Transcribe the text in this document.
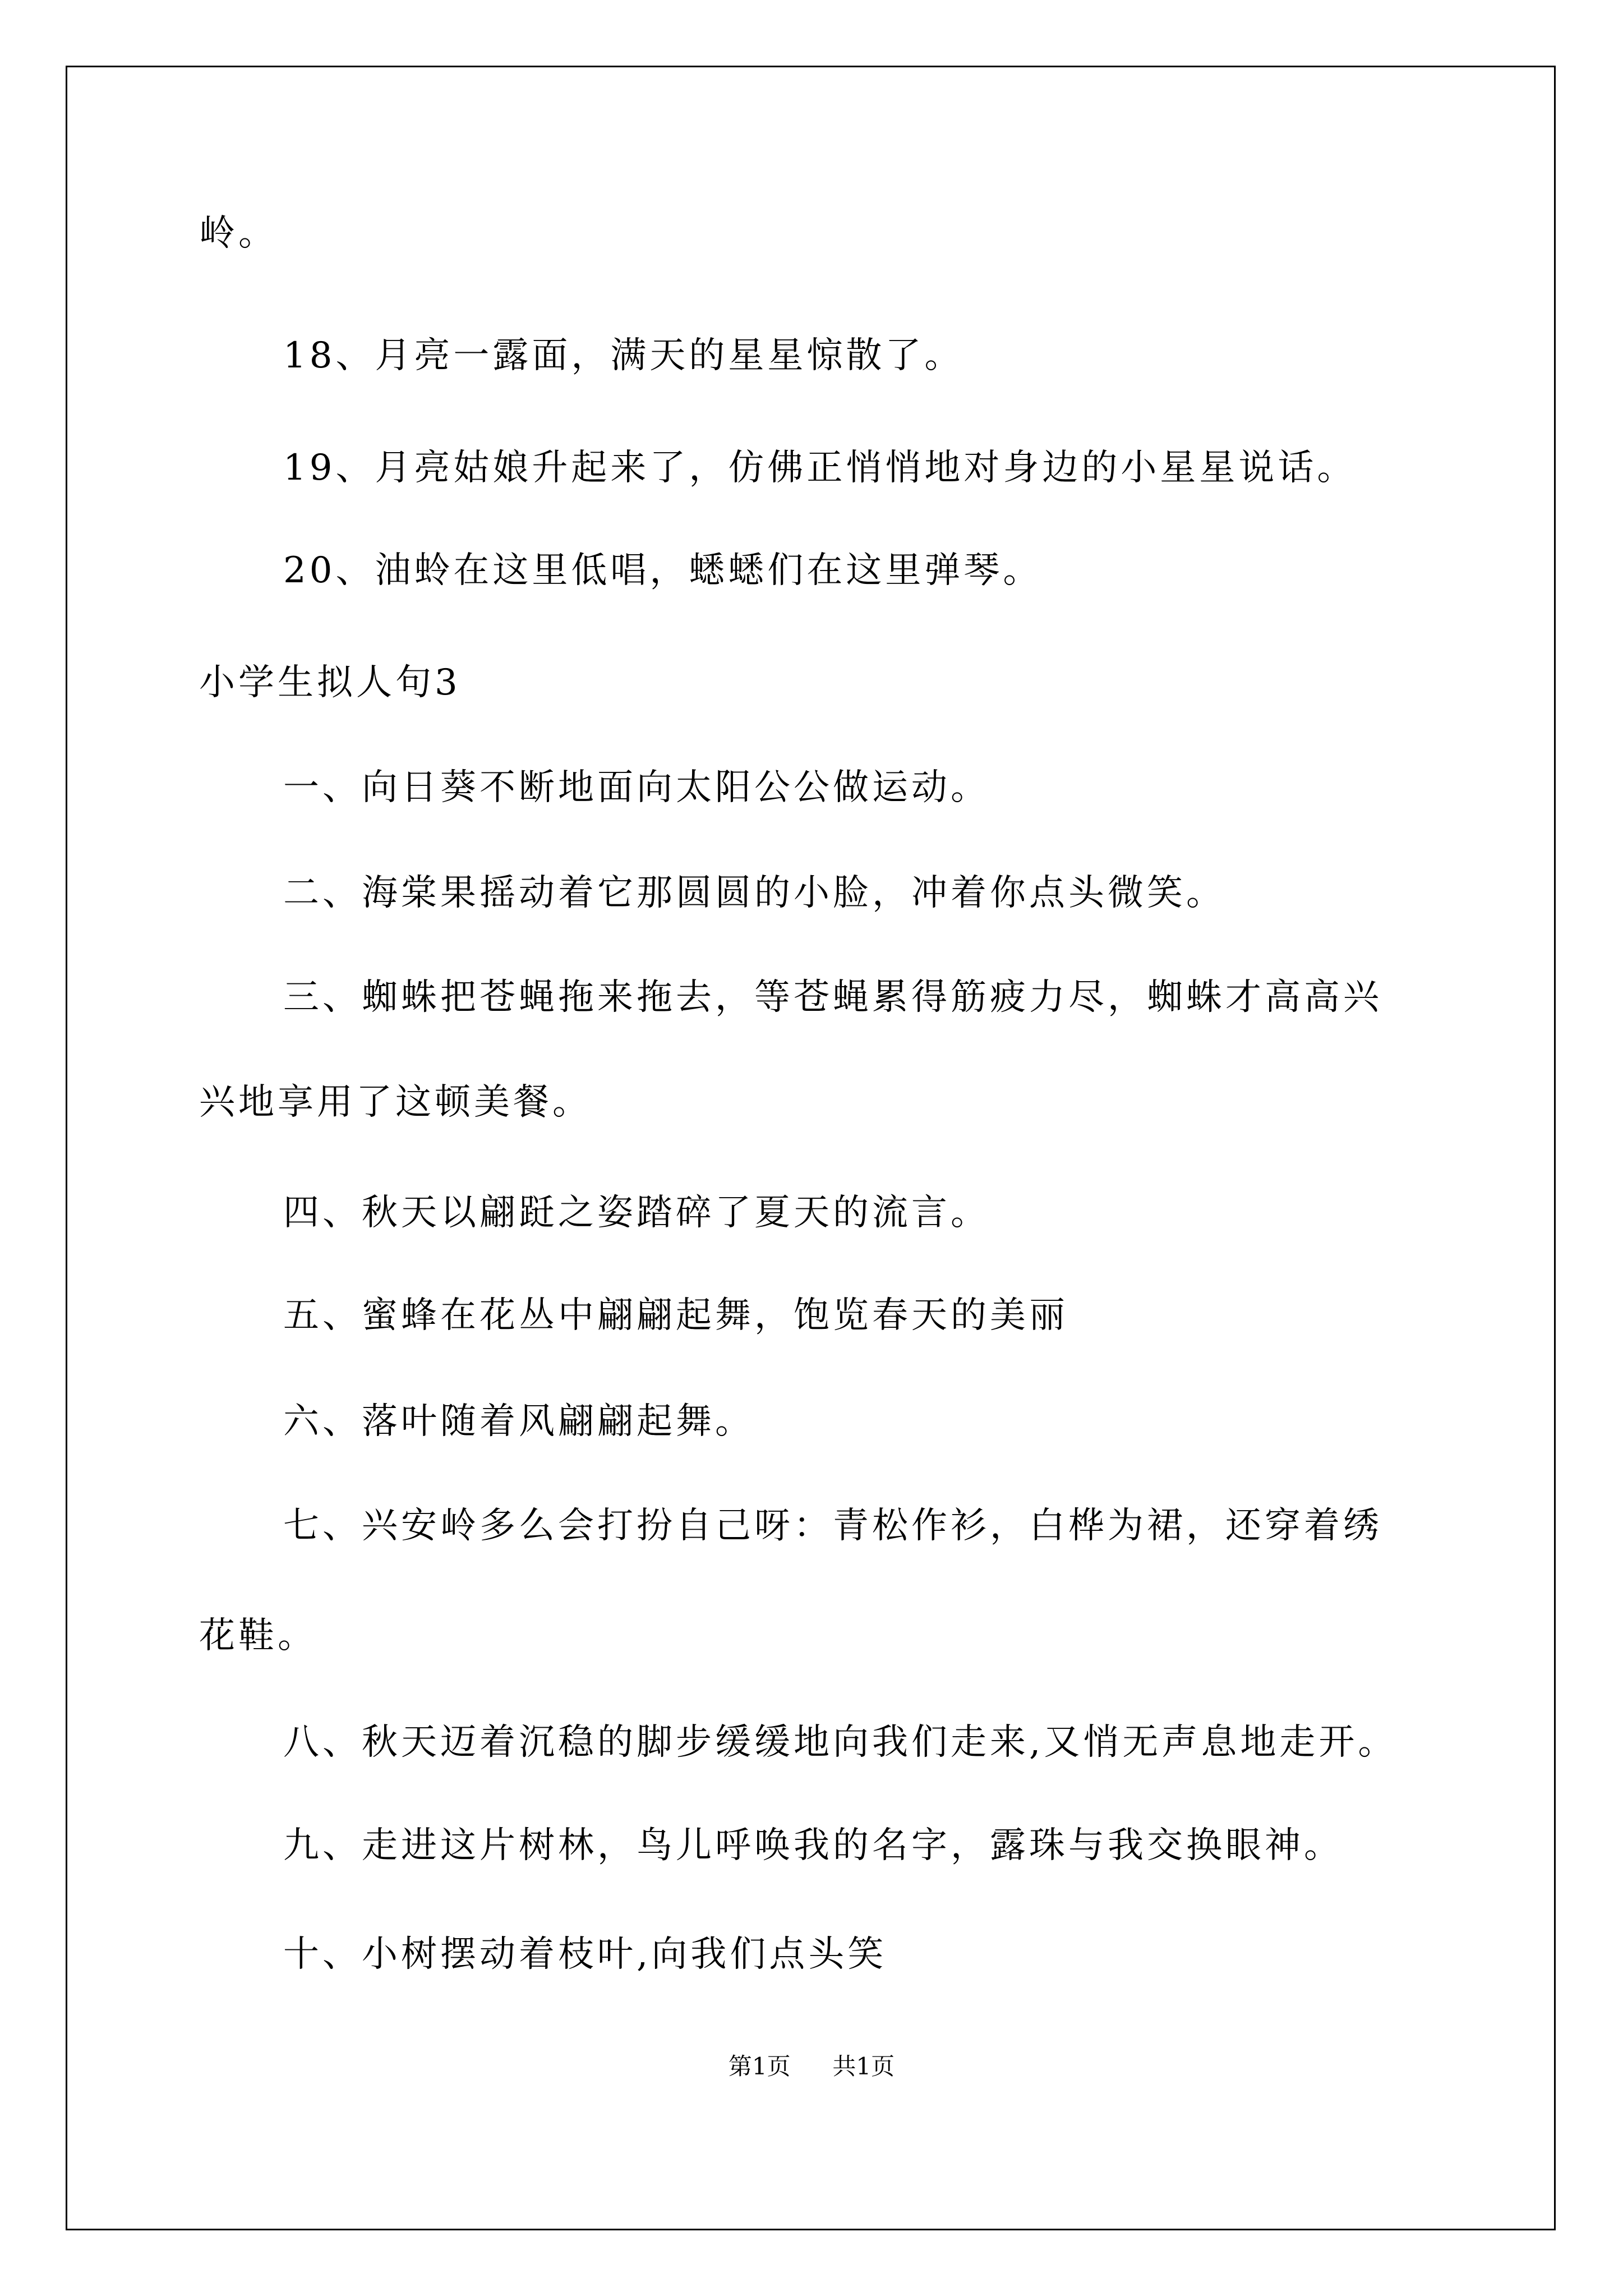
岭。
18、月亮一露面，满天的星星惊散了。
19、月亮姑娘升起来了，仿佛正悄悄地对身边的小星星说话。
20、油蛉在这里低唱，蟋蟋们在这里弹琴。
小学生拟人句3
一、向日葵不断地面向太阳公公做运动。
二、海棠果摇动着它那圆圆的小脸，冲着你点头微笑。
三、蜘蛛把苍蝇拖来拖去，等苍蝇累得筋疲力尽，蜘蛛才高高兴
兴地享用了这顿美餐。
四、秋天以翩跹之姿踏碎了夏天的流言。
五、蜜蜂在花丛中翩翩起舞，饱览春天的美丽
六、落叶随着风翩翩起舞。
七、兴安岭多么会打扮自己呀：青松作衫，白桦为裙，还穿着绣
花鞋。
八、秋天迈着沉稳的脚步缓缓地向我们走来,又悄无声息地走开。
九、走进这片树林，鸟儿呼唤我的名字，露珠与我交换眼神。
十、小树摆动着枝叶,向我们点头笑
第1页 共1页
